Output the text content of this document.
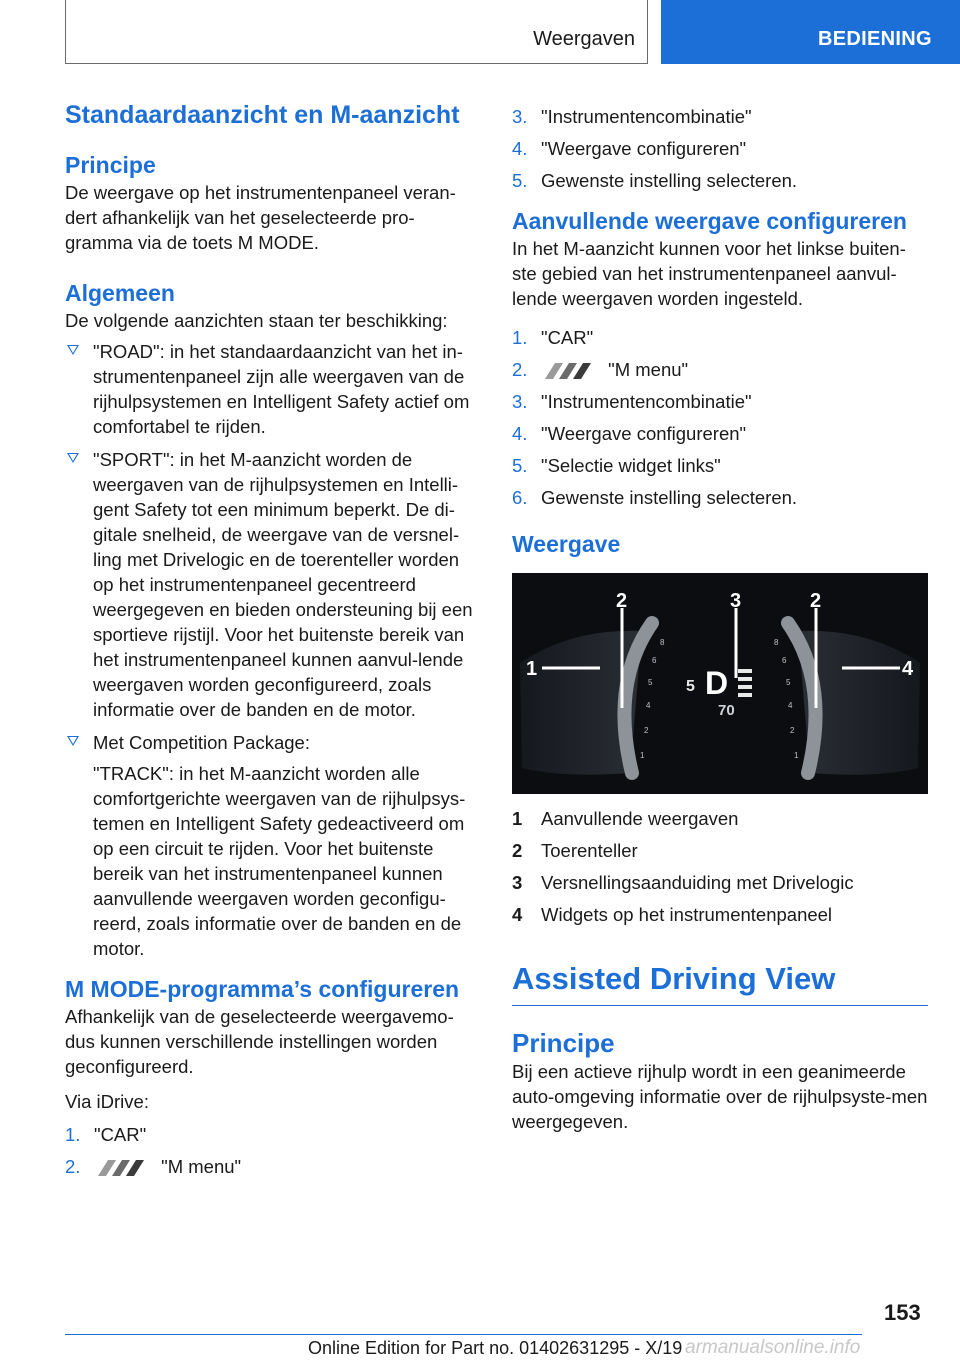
Weergaven	BEDIENING
Standaardaanzicht en M-aanzicht
Principe

De weergave op het instrumentenpaneel veran-dert afhankelijk van het geselecteerde pro-gramma via de toets M MODE.

Algemeen

De volgende aanzichten staan ter beschikking:

"ROAD": in het standaardaanzicht van het in-strumentenpaneel zijn alle weergaven van de rijhulpsystemen en Intelligent Safety actief om comfortabel te rijden.
"SPORT": in het M-aanzicht worden de weergaven van de rijhulpsystemen en Intelli-gent Safety tot een minimum beperkt. De di-gitale snelheid, de weergave van de versnel-ling met Drivelogic en de toerenteller worden op het instrumentenpaneel gecentreerd weergegeven en bieden ondersteuning bij een sportieve rijstijl. Voor het buitenste bereik van het instrumentenpaneel kunnen aanvul-lende weergaven worden geconfigureerd, zoals informatie over de banden en de motor.
Met Competition Package:

"TRACK": in het M-aanzicht worden alle comfortgerichte weergaven van de rijhulpsys-temen en Intelligent Safety gedeactiveerd om op een circuit te rijden. Voor het buitenste bereik van het instrumentenpaneel kunnen aanvullende weergaven worden geconfigu-reerd, zoals informatie over de banden en de motor.

M MODE-programma’s configureren

Afhankelijk van de geselecteerde weergavemo-dus kunnen verschillende instellingen worden geconfigureerd.

Via iDrive:

1. "CAR"
2.	"M menu"
3. "Instrumentencombinatie"
4. "Weergave configureren"
5. Gewenste instelling selecteren.
Aanvullende weergave configureren

In het M-aanzicht kunnen voor het linkse buiten-ste gebied van het instrumentenpaneel aanvul-lende weergaven worden ingesteld.

1. "CAR"
2.	"M menu"
3. "Instrumentencombinatie"
4. "Weergave configureren"
5. "Selectie widget links"
6. Gewenste instelling selecteren.
Weergave
8
6
5
4
2
1
8
6
5
4
2
1
5 D
70
1
2	3	2
4
1 Aanvullende weergaven
2 Toerenteller
3 Versnellingsaanduiding met Drivelogic
4 Widgets op het instrumentenpaneel
Assisted Driving View
Principe

Bij een actieve rijhulp wordt in een geanimeerde auto-omgeving informatie over de rijhulpsyste-men weergegeven.

153
Online Edition for Part no. 01402631295 - X/19 armanualsonline.info
